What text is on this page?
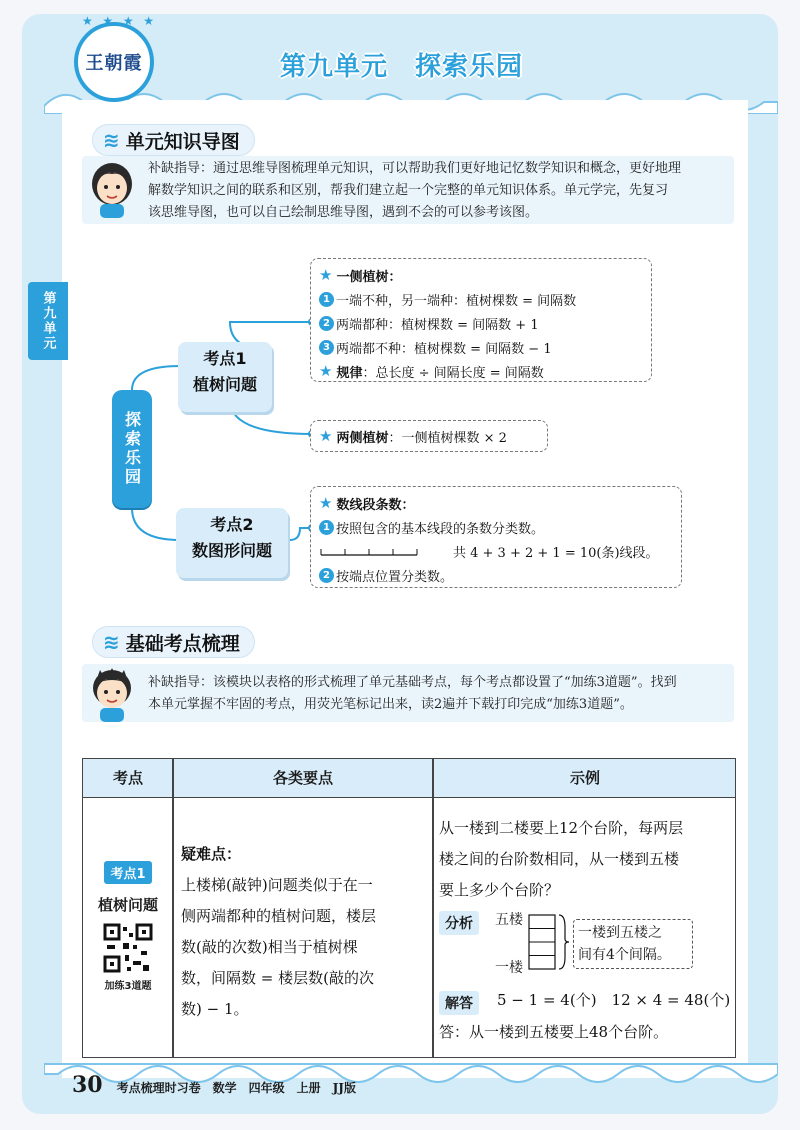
★ ★ ★ ★
王朝霞	第九单元　探索乐园
第九单元
≋ 单元知识导图
补缺指导：通过思维导图梳理单元知识，可以帮助我们更好地记忆数学知识和概念，更好地理
解数学知识之间的联系和区别，帮我们建立起一个完整的单元知识体系。单元学完，先复习
该思维导图，也可以自己绘制思维导图，遇到不会的可以参考该图。
探索乐园
考点1
植树问题
考点2
数图形问题
★ 一侧植树：
1 一端不种，另一端种：植树棵数 = 间隔数
2 两端都种：植树棵数 = 间隔数 + 1
3 两端都不种：植树棵数 = 间隔数 − 1
★ 规律 ：总长度 ÷ 间隔长度 = 间隔数
★ 两侧植树 ：一侧植树棵数 × 2
★ 数线段条数：
1 按照包含的基本线段的条数分类数。
共 4 + 3 + 2 + 1 = 10(条)线段。
2 按端点位置分类数。
≋ 基础考点梳理
补缺指导：该模块以表格的形式梳理了单元基础考点，每个考点都设置了“加练3道题”。找到
本单元掌握不牢固的考点，用荧光笔标记出来，读2遍并下载打印完成“加练3道题”。
考点	各类要点	示例
考点1
植树问题
加练3道题
疑难点：
上楼梯(敲钟)问题类似于在一
侧两端都种的植树问题，楼层
数(敲的次数)相当于植树棵
数，间隔数 = 楼层数(敲的次
数) − 1。
从一楼到二楼要上12个台阶，每两层
楼之间的台阶数相同，从一楼到五楼
要上多少个台阶？
分析	五楼
一楼
一楼到五楼之
间有4个间隔。
解答	5 − 1 = 4(个)　12 × 4 = 48(个)
答：从一楼到五楼要上48个台阶。
30 考点梳理时习卷　数学　四年级　上册　JJ版
